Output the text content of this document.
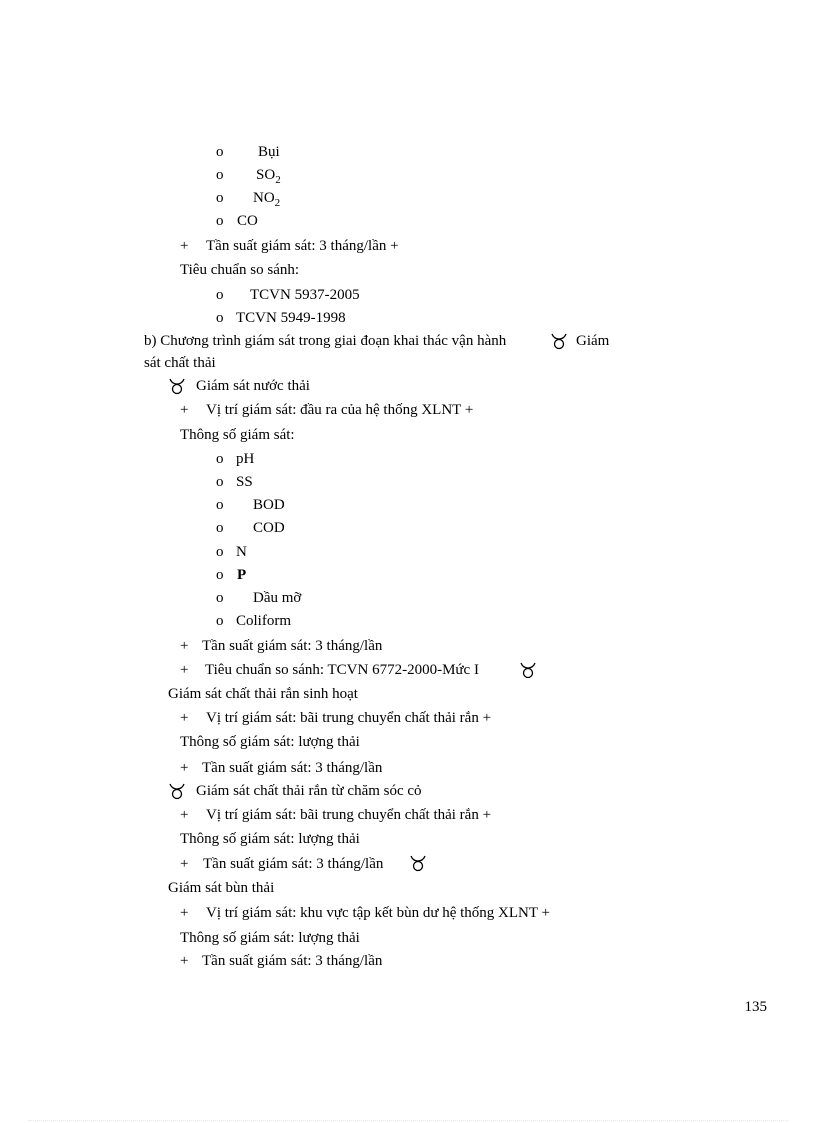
o Bụi
o $SO_2$
o $NO_2$
o CO
+ Tần suất giám sát: 3 tháng/lần +
Tiêu chuẩn so sánh:
o TCVN 5937-2005
o TCVN 5949-1998
b) Chương trình giám sát trong giai đoạn khai thác vận hành	Giám
sát chất thải
Giám sát nước thải
+ Vị trí giám sát: đầu ra của hệ thống XLNT +
Thông số giám sát:
o pH
o SS
o BOD
o COD
o N
o P
o Dầu mỡ
o Coliform
+ Tần suất giám sát: 3 tháng/lần
+ Tiêu chuẩn so sánh: TCVN 6772-2000-Mức I
Giám sát chất thải rắn sinh hoạt
+ Vị trí giám sát: bãi trung chuyển chất thải rắn +
Thông số giám sát: lượng thải
+ Tần suất giám sát: 3 tháng/lần
Giám sát chất thải rắn từ chăm sóc cỏ
+ Vị trí giám sát: bãi trung chuyển chất thải rắn +
Thông số giám sát: lượng thải
+ Tần suất giám sát: 3 tháng/lần
Giám sát bùn thải
+ Vị trí giám sát: khu vực tập kết bùn dư hệ thống XLNT +
Thông số giám sát: lượng thải
+ Tần suất giám sát: 3 tháng/lần
135
